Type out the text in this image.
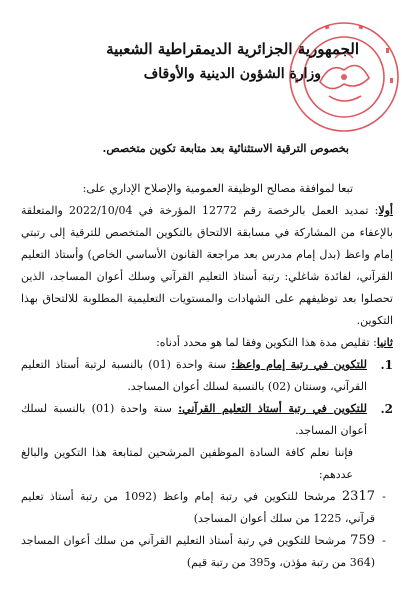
الجمهورية الجزائرية الديمقراطية الشعبية
وزارة الشؤون الدينية والأوقاف
بخصوص الترقية الاستثنائية بعد متابعة تكوين متخصص.

تبعا لموافقة مصالح الوظيفة العمومية والإصلاح الإداري على:

أولا: تمديد العمل بالرخصة رقم 12772 المؤرخة في 2022/10/04 والمتعلقة بالإعفاء من المشاركة في مسابقة الالتحاق بالتكوين المتخصص للترقية إلى رتبتي إمام واعظ (بدل إمام مدرس بعد مراجعة القانون الأساسي الخاص) وأستاذ التعليم القرآني، لفائدة شاغلي: رتبة أستاذ التعليم القرآني وسلك أعوان المساجد، الذين تحصلوا بعد توظيفهم على الشهادات والمستويات التعليمية المطلوبة للالتحاق بهذا التكوين.

ثانيا: تقليص مدة هذا التكوين وفقا لما هو محدد أدناه:

1.
للتكوين في رتبة إمام واعظ: سنة واحدة (01) بالنسبة لرتبة أستاذ التعليم القرآني، وسنتان (02) بالنسبة لسلك أعوان المساجد.
2.
للتكوين في رتبة أستاذ التعليم القرآني: سنة واحدة (01) بالنسبة لسلك أعوان المساجد.

فإننا نعلم كافة السادة الموظفين المرشحين لمتابعة هذا التكوين والبالغ عددهم:

-
2317 مرشحا للتكوين في رتبة إمام واعظ (1092 من رتبة أستاذ تعليم قرآني، 1225 من سلك أعوان المساجد)
-
759 مرشحا للتكوين في رتبة أستاذ التعليم القرآني من سلك أعوان المساجد (364 من رتبة مؤذن، و395 من رتبة قيم)
